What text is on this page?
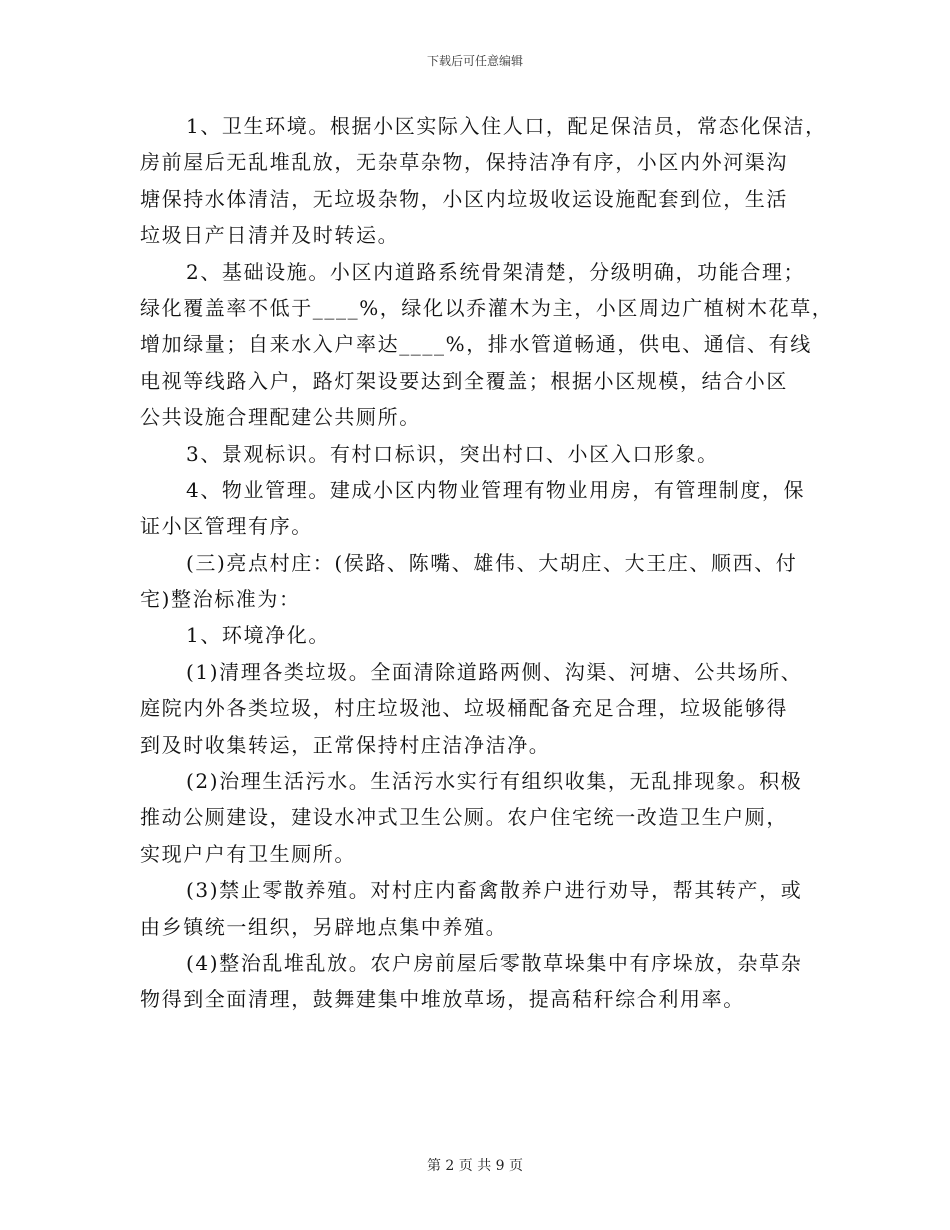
下载后可任意编辑
1、卫生环境。根据小区实际入住人口，配足保洁员，常态化保洁，
房前屋后无乱堆乱放，无杂草杂物，保持洁净有序，小区内外河渠沟
塘保持水体清洁，无垃圾杂物，小区内垃圾收运设施配套到位，生活
垃圾日产日清并及时转运。
2、基础设施。小区内道路系统骨架清楚，分级明确，功能合理；
绿化覆盖率不低于____%，绿化以乔灌木为主，小区周边广植树木花草，
增加绿量；自来水入户率达____%，排水管道畅通，供电、通信、有线
电视等线路入户，路灯架设要达到全覆盖；根据小区规模，结合小区
公共设施合理配建公共厕所。
3、景观标识。有村口标识，突出村口、小区入口形象。
4、物业管理。建成小区内物业管理有物业用房，有管理制度，保
证小区管理有序。
(三)亮点村庄：(侯路、陈嘴、雄伟、大胡庄、大王庄、顺西、付
宅)整治标准为：
1、环境净化。
(1)清理各类垃圾。全面清除道路两侧、沟渠、河塘、公共场所、
庭院内外各类垃圾，村庄垃圾池、垃圾桶配备充足合理，垃圾能够得
到及时收集转运，正常保持村庄洁净洁净。
(2)治理生活污水。生活污水实行有组织收集，无乱排现象。积极
推动公厕建设，建设水冲式卫生公厕。农户住宅统一改造卫生户厕，
实现户户有卫生厕所。
(3)禁止零散养殖。对村庄内畜禽散养户进行劝导，帮其转产，或
由乡镇统一组织，另辟地点集中养殖。
(4)整治乱堆乱放。农户房前屋后零散草垛集中有序垛放，杂草杂
物得到全面清理，鼓舞建集中堆放草场，提高秸秆综合利用率。
第 2 页 共 9 页
